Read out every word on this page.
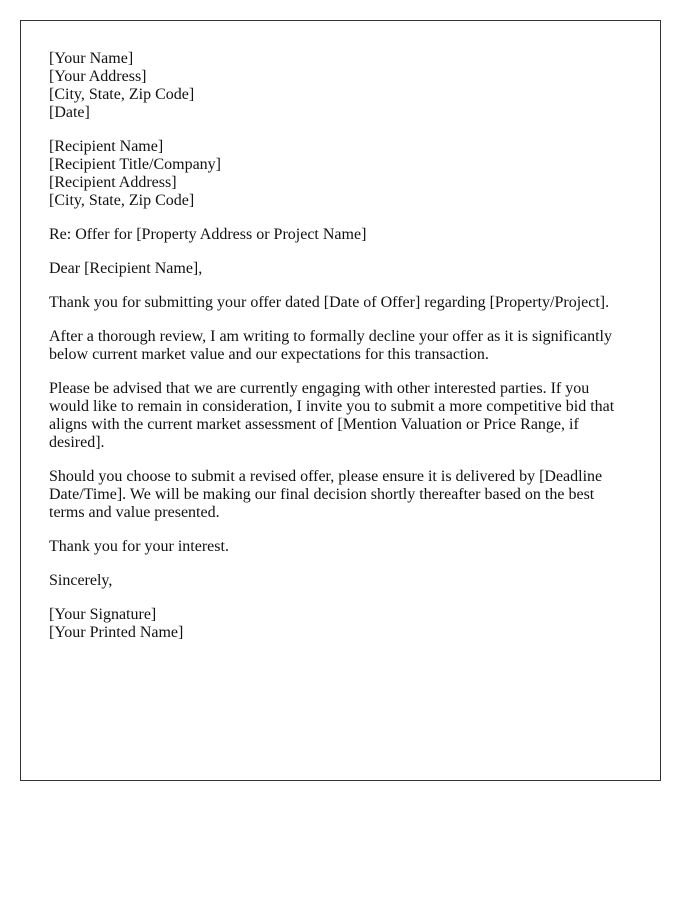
[Your Name]
[Your Address]
[City, State, Zip Code]
[Date]
[Recipient Name]
[Recipient Title/Company]
[Recipient Address]
[City, State, Zip Code]
Re: Offer for [Property Address or Project Name]
Dear [Recipient Name],
Thank you for submitting your offer dated [Date of Offer] regarding [Property/Project].
After a thorough review, I am writing to formally decline your offer as it is significantly
below current market value and our expectations for this transaction.
Please be advised that we are currently engaging with other interested parties. If you
would like to remain in consideration, I invite you to submit a more competitive bid that
aligns with the current market assessment of [Mention Valuation or Price Range, if
desired].
Should you choose to submit a revised offer, please ensure it is delivered by [Deadline
Date/Time]. We will be making our final decision shortly thereafter based on the best
terms and value presented.
Thank you for your interest.
Sincerely,
[Your Signature]
[Your Printed Name]
